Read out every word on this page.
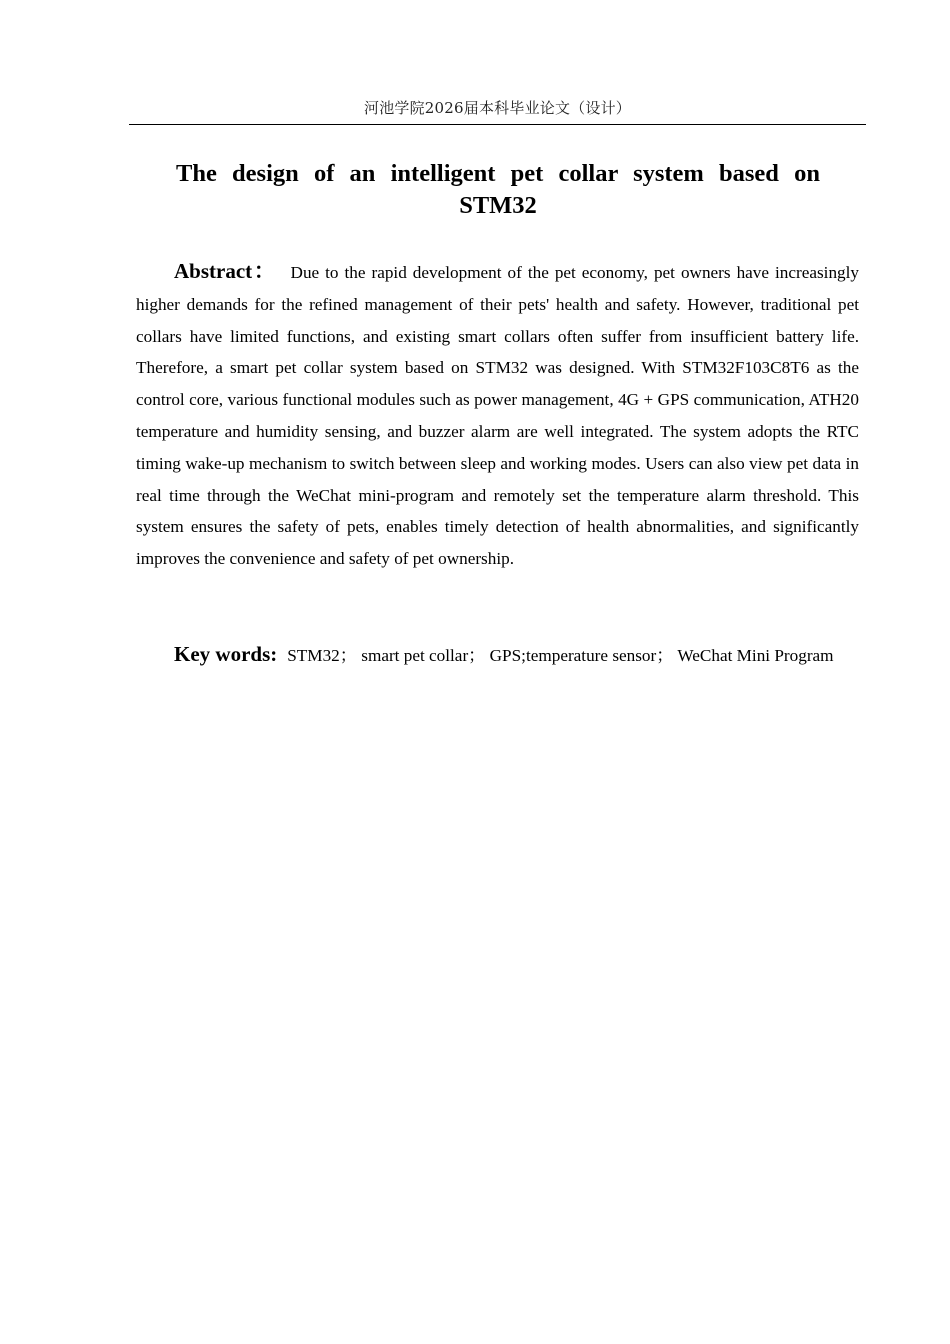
河池学院2026届本科毕业论文（设计）
The design of an intelligent pet collar system based on STM32

Abstract： Due to the rapid development of the pet economy, pet owners have increasingly higher demands for the refined management of their pets' health and safety. However, traditional pet collars have limited functions, and existing smart collars often suffer from insufficient battery life. Therefore, a smart pet collar system based on STM32 was designed. With STM32F103C8T6 as the control core, various functional modules such as power management, 4G + GPS communication, ATH20 temperature and humidity sensing, and buzzer alarm are well integrated. The system adopts the RTC timing wake-up mechanism to switch between sleep and working modes. Users can also view pet data in real time through the WeChat mini-program and remotely set the temperature alarm threshold. This system ensures the safety of pets, enables timely detection of health abnormalities, and significantly improves the convenience and safety of pet ownership.

Key words: STM32； smart pet collar； GPS;temperature sensor； WeChat Mini Program
